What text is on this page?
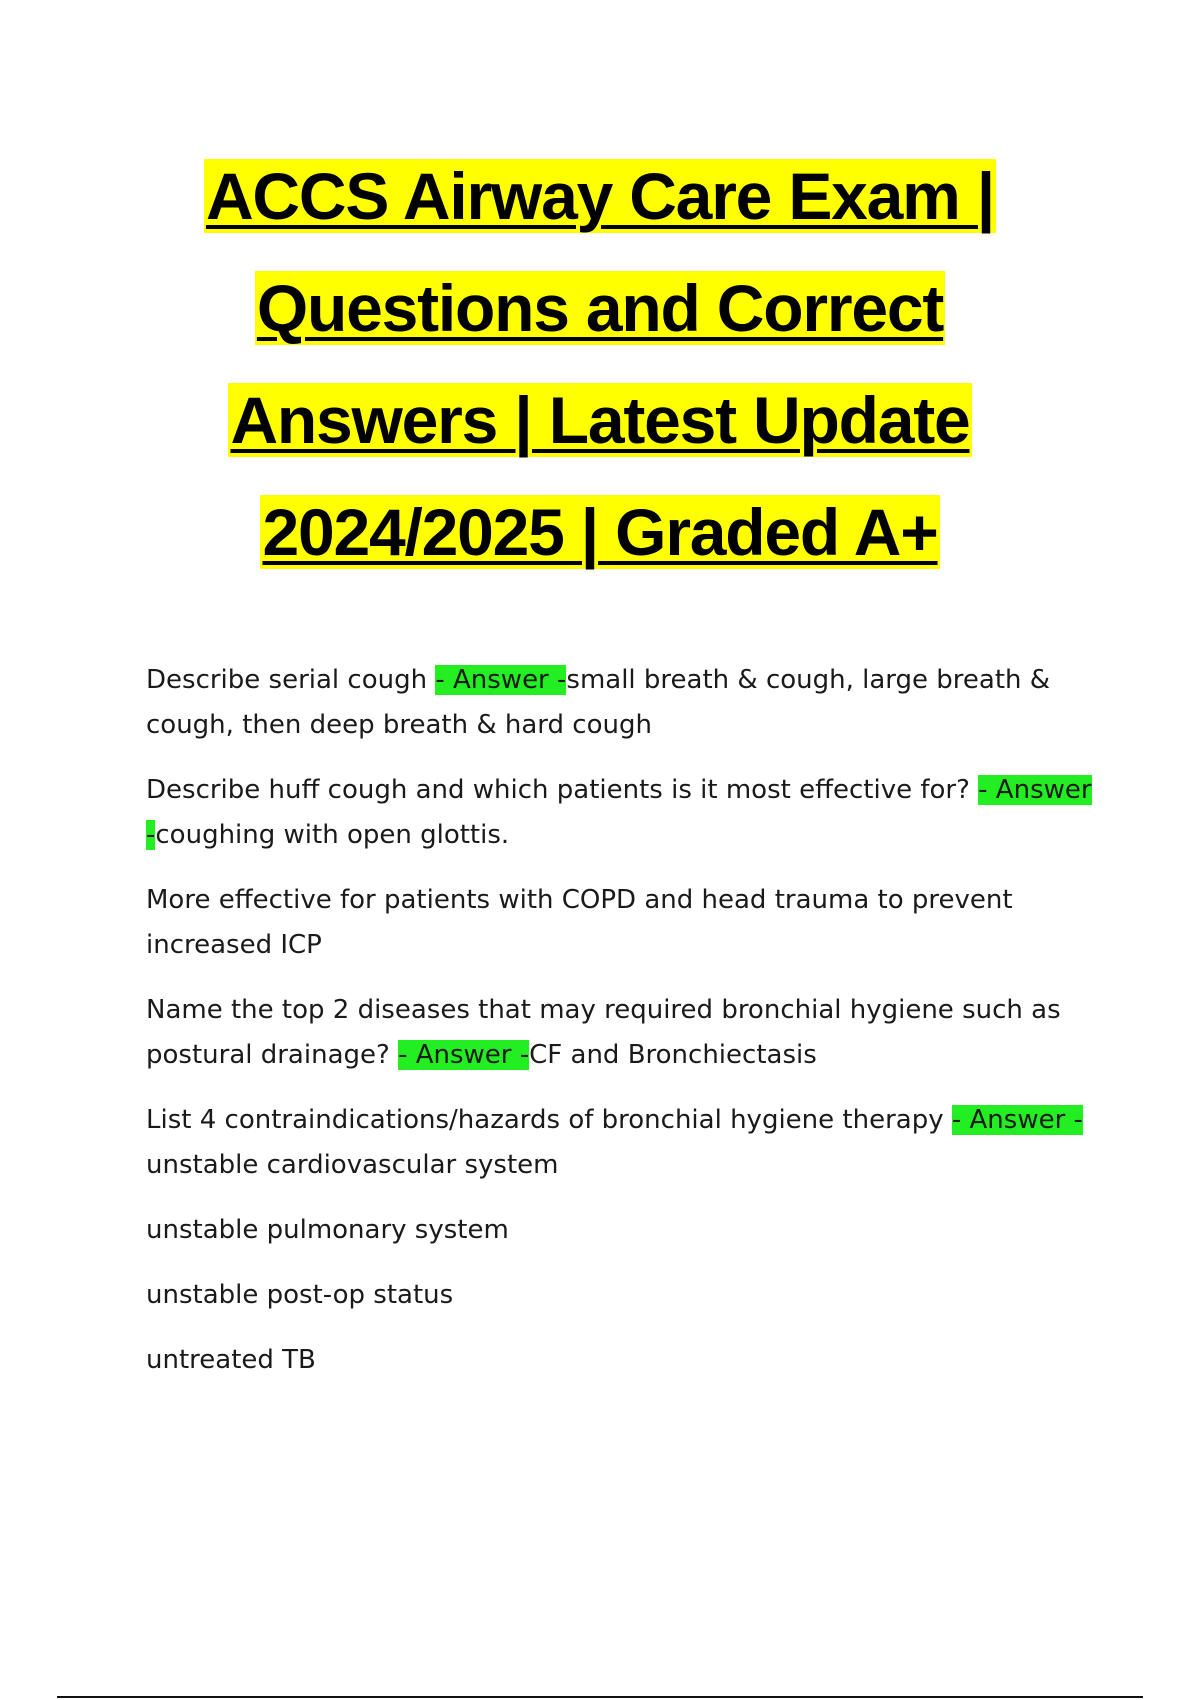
ACCS Airway Care Exam |
Questions and Correct
Answers | Latest Update
2024/2025 | Graded A+

Describe serial cough - Answer -small breath & cough, large breath & cough, then deep breath & hard cough

Describe huff cough and which patients is it most effective for? - Answer -coughing with open glottis.

More effective for patients with COPD and head trauma to prevent increased ICP

Name the top 2 diseases that may required bronchial hygiene such as postural drainage? - Answer -CF and Bronchiectasis

List 4 contraindications/hazards of bronchial hygiene therapy - Answer -unstable cardiovascular system

unstable pulmonary system

unstable post-op status

untreated TB
